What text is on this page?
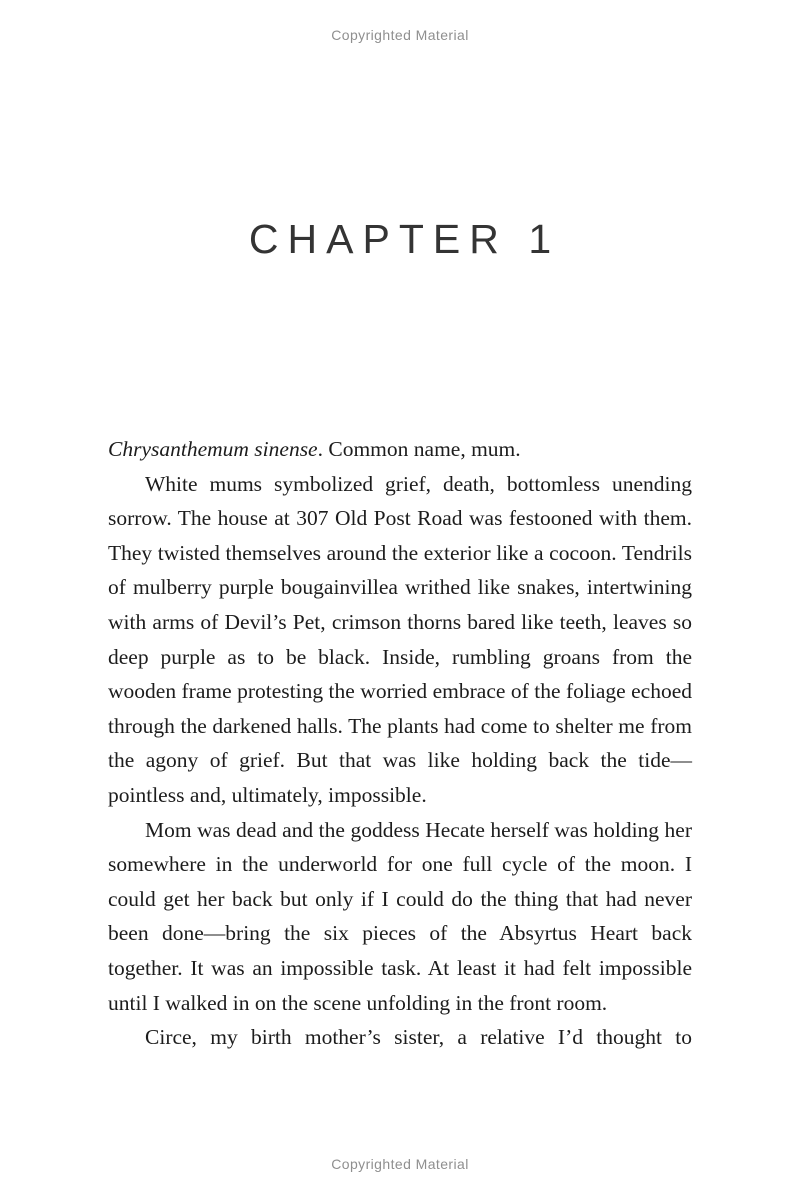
Copyrighted Material
CHAPTER 1

Chrysanthemum sinense. Common name, mum.

White mums symbolized grief, death, bottomless unending sorrow. The house at 307 Old Post Road was festooned with them. They twisted themselves around the exterior like a cocoon. Tendrils of mulberry purple bougainvillea writhed like snakes, intertwining with arms of Devil’s Pet, crimson thorns bared like teeth, leaves so deep purple as to be black. Inside, rumbling groans from the wooden frame protesting the worried embrace of the foliage echoed through the darkened halls. The plants had come to shelter me from the agony of grief. But that was like holding back the tide—pointless and, ultimately, impossible.

Mom was dead and the goddess Hecate herself was holding her somewhere in the underworld for one full cycle of the moon. I could get her back but only if I could do the thing that had never been done—bring the six pieces of the Absyrtus Heart back together. It was an impossible task. At least it had felt impossible until I walked in on the scene unfolding in the front room.

Circe, my birth mother’s sister, a relative I’d thought to

Copyrighted Material
